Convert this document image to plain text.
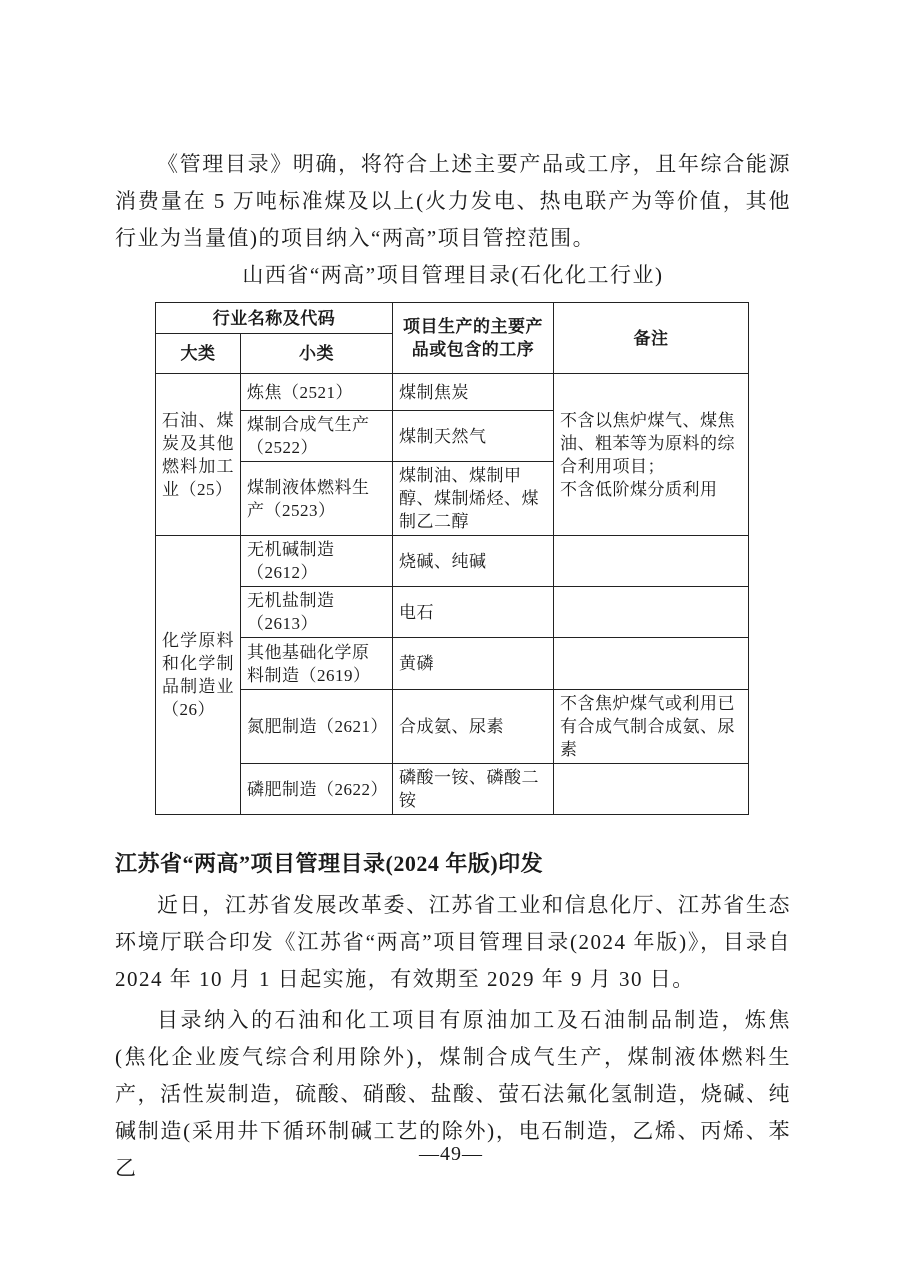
《管理目录》明确，将符合上述主要产品或工序，且年综合能源消费量在 5 万吨标准煤及以上(火力发电、热电联产为等价值，其他行业为当量值)的项目纳入“两高”项目管控范围。

山西省“两高”项目管理目录(石化化工行业)
行业名称及代码		项目生产的主要产品或包含的工序	备注
大类	小类		
石油、煤炭及其他燃料加工业（25）	炼焦（2521）	煤制焦炭	不含以焦炉煤气、煤焦油、粗苯等为原料的综合利用项目；
不含低阶煤分质利用

	煤制合成气生产（2522）	煤制天然气	
	煤制液体燃料生产（2523）	煤制油、煤制甲醇、煤制烯烃、煤制乙二醇	
化学原料和化学制品制造业（26）	无机碱制造（2612）	烧碱、纯碱	
	无机盐制造（2613）	电石	
	其他基础化学原料制造（2619）	黄磷	
	氮肥制造（2621）	合成氨、尿素	不含焦炉煤气或利用已有合成气制合成氨、尿素
	磷肥制造（2622）	磷酸一铵、磷酸二铵	
江苏省“两高”项目管理目录(2024 年版)印发

近日，江苏省发展改革委、江苏省工业和信息化厅、江苏省生态环境厅联合印发《江苏省“两高”项目管理目录(2024 年版)》，目录自 2024 年 10 月 1 日起实施，有效期至 2029 年 9 月 30 日。

目录纳入的石油和化工项目有原油加工及石油制品制造，炼焦(焦化企业废气综合利用除外)，煤制合成气生产，煤制液体燃料生产，活性炭制造，硫酸、硝酸、盐酸、萤石法氟化氢制造，烧碱、纯碱制造(采用井下循环制碱工艺的除外)，电石制造，乙烯、丙烯、苯乙

—49—
